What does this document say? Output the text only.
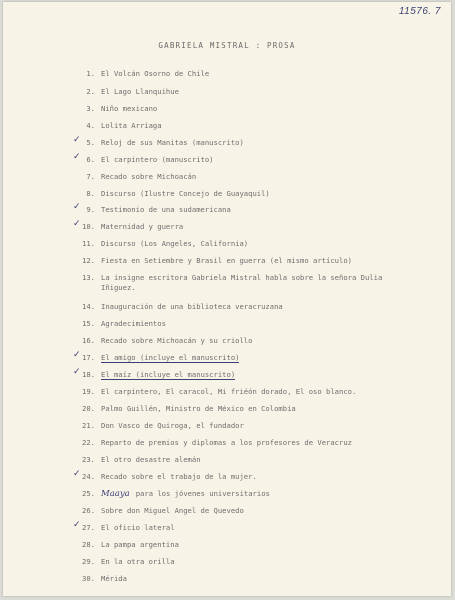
11576. 7
GABRIELA MISTRAL : PROSA
1. El Volcán Osorno de Chile
2. El Lago Llanquihue
3. Niño mexicano
4. Lolita Arriaga
✓ 5. Reloj de sus Manitas (manuscrito)
✓ 6. El carpintero (manuscrito)
7. Recado sobre Michoacán
8. Discurso (Ilustre Concejo de Guayaquil)
✓ 9. Testimonio de una sudamericana
✓ 10. Maternidad y guerra
11. Discurso (Los Angeles, California)
12. Fiesta en Setiembre y Brasil en guerra (el mismo artículo)
13. La insigne escritora Gabriela Mistral habla sobre la señora Dulia
Iñiguez.
14. Inauguración de una biblioteca veracruzana
15. Agradecimientos
16. Recado sobre Michoacán y su criollo
✓ 17. El amigo (incluye el manuscrito)
✓ 18. El maíz (incluye el manuscrito)
19. El carpintero, El caracol, Mi friéón dorado, El oso blanco.
20. Palmo Guillén, Ministro de México en Colombia
21. Don Vasco de Quiroga, el fundador
22. Reparto de premios y diplomas a los profesores de Veracruz
23. El otro desastre alemán
✓ 24. Recado sobre el trabajo de la mujer.
25. Maaya para los jóvenes universitarios
26. Sobre don Miguel Angel de Quevedo
✓ 27. El oficio lateral
28. La pampa argentina
29. En la otra orilla
30. Mérida
